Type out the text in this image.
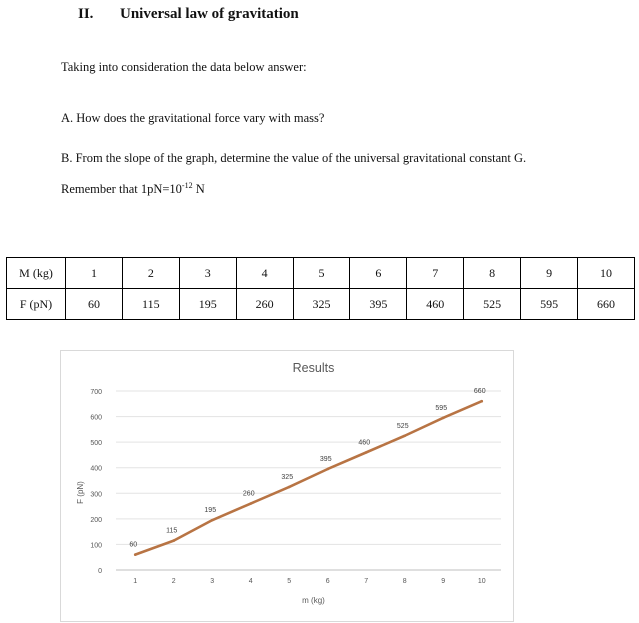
II. Universal law of gravitation
Taking into consideration the data below answer:
A. How does the gravitational force vary with mass?
B. From the slope of the graph, determine the value of the universal gravitational constant G.
Remember that $1pN=10^{-12}$ N
M (kg)	1	2	3	4	5	6	7	8	9	10
F (pN)	60	115	195	260	325	395	460	525	595	660
0
100
200
300
400
500
600
700
1	2	3	4	5	6	7	8	9	10
Results
m (kg)
F (pN)
60
115
195
260
325
395
460
525
595
660
